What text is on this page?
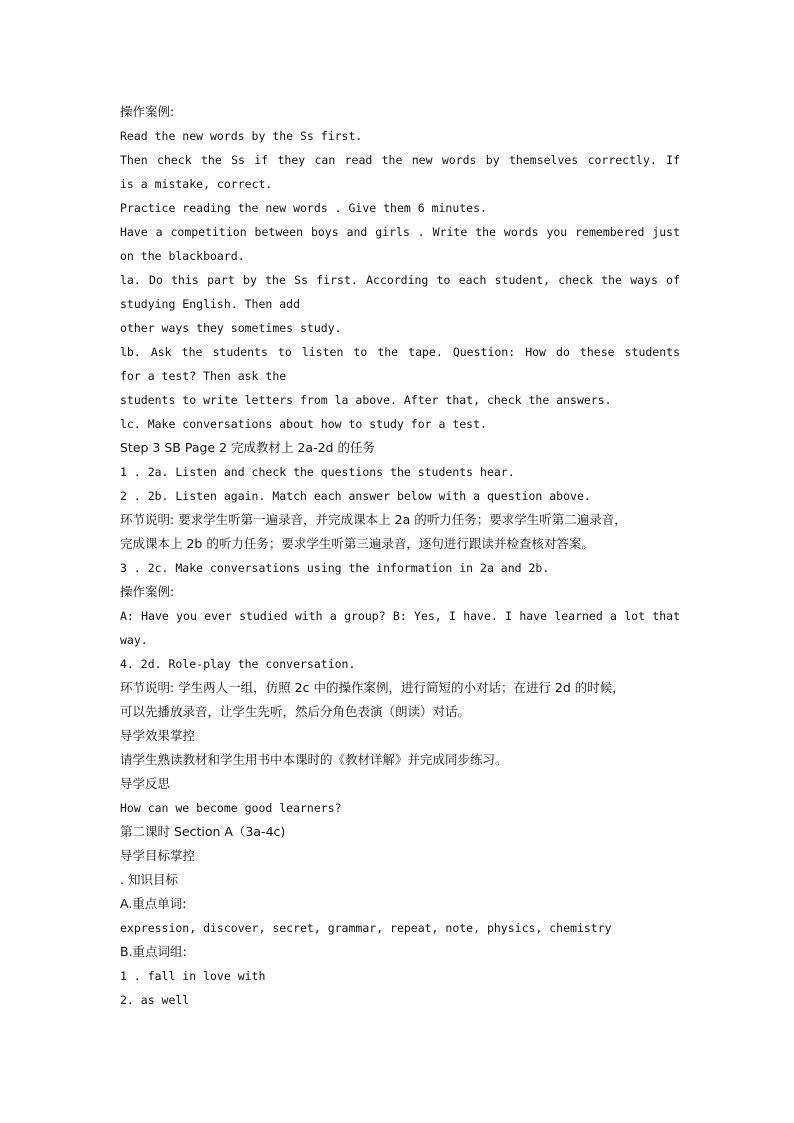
操作案例:
Read the new words by the Ss first.
Then check the Ss if they can read the new words by themselves correctly. If
is a mistake, correct.
Practice reading the new words . Give them 6 minutes.
Have a competition between boys and girls . Write the words you remembered just
on the blackboard.
la. Do this part by the Ss first. According to each student, check the ways of
studying English. Then add
other ways they sometimes study.
lb. Ask the students to listen to the tape. Question: How do these students
for a test? Then ask the
students to write letters from la above. After that, check the answers.
lc. Make conversations about how to study for a test.
Step 3 SB Page 2 完成教材上 2a-2d 的任务
1 . 2a. Listen and check the questions the students hear.
2 . 2b. Listen again. Match each answer below with a question above.
环节说明: 要求学生听第一遍录音，并完成课本上 2a 的听力任务；要求学生听第二遍录音，
完成课本上 2b 的听力任务；要求学生听第三遍录音，逐句进行跟读并检查核对答案。
3 . 2c. Make conversations using the information in 2a and 2b.
操作案例:
A: Have you ever studied with a group? B: Yes, I have. I have learned a lot that
way.
4. 2d. Role-play the conversation.
环节说明: 学生两人一组，仿照 2c 中的操作案例，进行简短的小对话；在进行 2d 的时候，
可以先播放录音，让学生先听，然后分角色表演（朗读）对话。
导学效果掌控
请学生熟读教材和学生用书中本课时的《教材详解》并完成同步练习。
导学反思
How can we become good learners?
第二课时 Section A（3a-4c)
导学目标掌控
. 知识目标
A.重点单词:
expression, discover, secret, grammar, repeat, note, physics, chemistry
B.重点词组:
1 . fall in love with
2. as well
